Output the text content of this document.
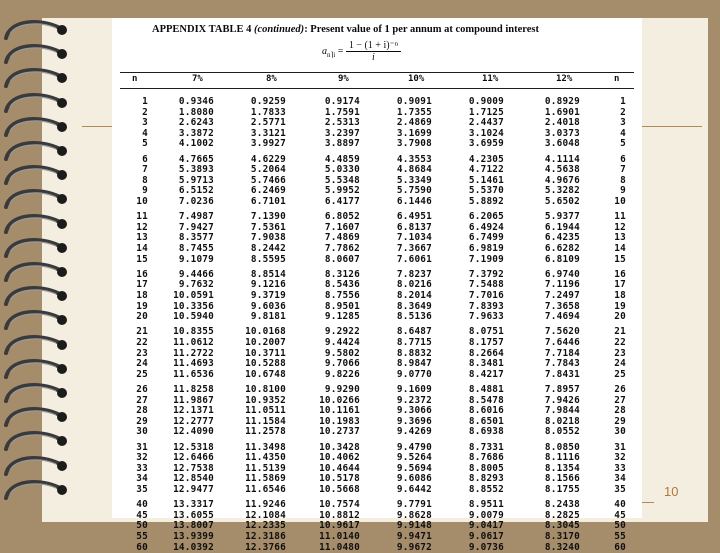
10
APPENDIX TABLE 4 (continued): Present value of 1 per annum at compound interest
$a_{n⌉i} = \frac{\text{1 − (1 + i)⁻ⁿ}}{i}$
n	7%	8%	9%	10%	11%	12%	n
1	0.9346	0.9259	0.9174	0.9091	0.9009	0.8929	1
2	1.8080	1.7833	1.7591	1.7355	1.7125	1.6901	2
3	2.6243	2.5771	2.5313	2.4869	2.4437	2.4018	3
4	3.3872	3.3121	3.2397	3.1699	3.1024	3.0373	4
5	4.1002	3.9927	3.8897	3.7908	3.6959	3.6048	5
6	4.7665	4.6229	4.4859	4.3553	4.2305	4.1114	6
7	5.3893	5.2064	5.0330	4.8684	4.7122	4.5638	7
8	5.9713	5.7466	5.5348	5.3349	5.1461	4.9676	8
9	6.5152	6.2469	5.9952	5.7590	5.5370	5.3282	9
10	7.0236	6.7101	6.4177	6.1446	5.8892	5.6502	10
11	7.4987	7.1390	6.8052	6.4951	6.2065	5.9377	11
12	7.9427	7.5361	7.1607	6.8137	6.4924	6.1944	12
13	8.3577	7.9038	7.4869	7.1034	6.7499	6.4235	13
14	8.7455	8.2442	7.7862	7.3667	6.9819	6.6282	14
15	9.1079	8.5595	8.0607	7.6061	7.1909	6.8109	15
16	9.4466	8.8514	8.3126	7.8237	7.3792	6.9740	16
17	9.7632	9.1216	8.5436	8.0216	7.5488	7.1196	17
18	10.0591	9.3719	8.7556	8.2014	7.7016	7.2497	18
19	10.3356	9.6036	8.9501	8.3649	7.8393	7.3658	19
20	10.5940	9.8181	9.1285	8.5136	7.9633	7.4694	20
21	10.8355	10.0168	9.2922	8.6487	8.0751	7.5620	21
22	11.0612	10.2007	9.4424	8.7715	8.1757	7.6446	22
23	11.2722	10.3711	9.5802	8.8832	8.2664	7.7184	23
24	11.4693	10.5288	9.7066	8.9847	8.3481	7.7843	24
25	11.6536	10.6748	9.8226	9.0770	8.4217	7.8431	25
26	11.8258	10.8100	9.9290	9.1609	8.4881	7.8957	26
27	11.9867	10.9352	10.0266	9.2372	8.5478	7.9426	27
28	12.1371	11.0511	10.1161	9.3066	8.6016	7.9844	28
29	12.2777	11.1584	10.1983	9.3696	8.6501	8.0218	29
30	12.4090	11.2578	10.2737	9.4269	8.6938	8.0552	30
31	12.5318	11.3498	10.3428	9.4790	8.7331	8.0850	31
32	12.6466	11.4350	10.4062	9.5264	8.7686	8.1116	32
33	12.7538	11.5139	10.4644	9.5694	8.8005	8.1354	33
34	12.8540	11.5869	10.5178	9.6086	8.8293	8.1566	34
35	12.9477	11.6546	10.5668	9.6442	8.8552	8.1755	35
40	13.3317	11.9246	10.7574	9.7791	8.9511	8.2438	40
45	13.6055	12.1084	10.8812	9.8628	9.0079	8.2825	45
50	13.8007	12.2335	10.9617	9.9148	9.0417	8.3045	50
55	13.9399	12.3186	11.0140	9.9471	9.0617	8.3170	55
60	14.0392	12.3766	11.0480	9.9672	9.0736	8.3240	60
